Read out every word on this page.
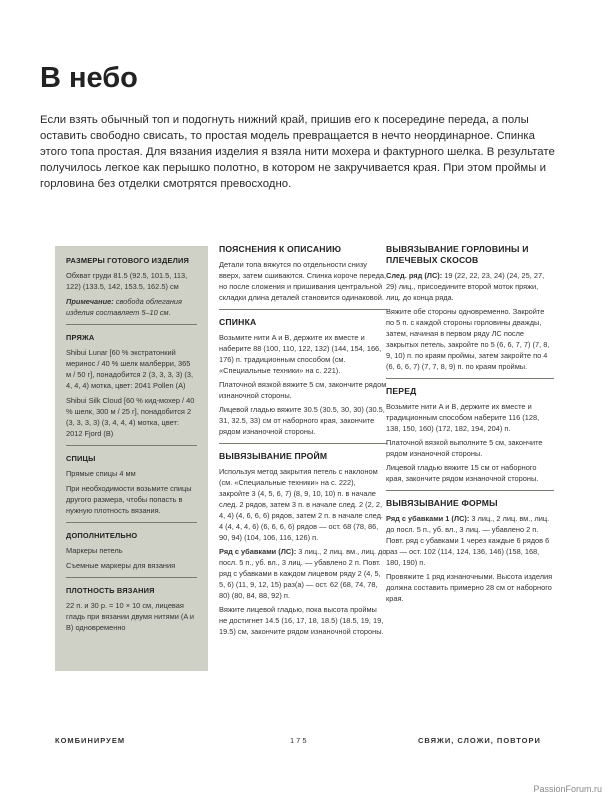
В небо

Если взять обычный топ и подогнуть нижний край, пришив его к посередине переда, а полы оставить свободно свисать, то простая модель превращается в нечто неординарное. Спинка этого топа простая. Для вязания изделия я взяла нити мохера и фактурного шелка. В результате получилось легкое как перышко полотно, в котором не закручивается края. При этом проймы и горловина без отделки смотрятся превосходно.

РАЗМЕРЫ ГОТОВОГО ИЗДЕЛИЯ

Обхват груди 81.5 (92.5, 101.5, 113, 122) (133.5, 142, 153.5, 162.5) см

Примечание: свобода облегания изделия составляет 5–10 см.

ПРЯЖА

Shibui Lunar [60 % экстратонкий меринос / 40 % шелк малберри, 365 м / 50 г], понадобится 2 (3, 3, 3, 3) (3, 4, 4, 4) мотка, цвет: 2041 Pollen (A)

Shibui Silk Cloud [60 % кид-мохер / 40 % шелк, 300 м / 25 г], понадобится 2 (3, 3, 3, 3) (3, 4, 4, 4) мотка, цвет: 2012 Fjord (B)

СПИЦЫ

Прямые спицы 4 мм

При необходимости возьмите спицы другого размера, чтобы попасть в нужную плотность вязания.

ДОПОЛНИТЕЛЬНО

Маркеры петель

Съемные маркеры для вязания

ПЛОТНОСТЬ ВЯЗАНИЯ

22 п. и 30 р. = 10 × 10 см, лицевая гладь при вязании двумя нитями (A и B) одновременно

ПОЯСНЕНИЯ К ОПИСАНИЮ

Детали топа вяжутся по отдельности снизу вверх, затем сшиваются. Спинка короче переда, но после сложения и пришивания центральной складки длина деталей становится одинаковой.

СПИНКА

Возьмите нити A и B, держите их вместе и наберите 88 (100, 110, 122, 132) (144, 154, 166, 176) п. традиционным способом (см. «Специальные техники» на с. 221).

Платочной вязкой вяжите 5 см, закончите рядом изнаночной стороны.

Лицевой гладью вяжите 30.5 (30.5, 30, 30) (30.5, 31, 32.5, 33) см от наборного края, закончите рядом изнаночной стороны.

ВЫВЯЗЫВАНИЕ ПРОЙМ

Используя метод закрытия петель с наклоном (см. «Специальные техники» на с. 222), закройте 3 (4, 5, 6, 7) (8, 9, 10, 10) п. в начале след. 2 рядов, затем 3 п. в начале след. 2 (2, 2, 4, 4) (4, 6, 6, 6) рядов, затем 2 п. в начале след. 4 (4, 4, 4, 6) (6, 6, 6, 6) рядов — ост. 68 (78, 86, 90, 94) (104, 106, 116, 126) п.

Ряд с убавками (ЛС): 3 лиц., 2 лиц. вм., лиц. до посл. 5 п., уб. вл., 3 лиц. — убавлено 2 п. Повт. ряд с убавками в каждом лицевом ряду 2 (4, 5, 5, 6) (11, 9, 12, 15) раз(а) — ост. 62 (68, 74, 78, 80) (80, 84, 88, 92) п.

Вяжите лицевой гладью, пока высота проймы не достигнет 14.5 (16, 17, 18, 18.5) (18.5, 19, 19, 19.5) см, закончите рядом изнаночной стороны.

ВЫВЯЗЫВАНИЕ ГОРЛОВИНЫ И ПЛЕЧЕВЫХ СКОСОВ

След. ряд (ЛС): 19 (22, 22, 23, 24) (24, 25, 27, 29) лиц., присоедините второй моток пряжи, лиц. до конца ряда.

Вяжите обе стороны одновременно. Закройте по 5 п. с каждой стороны горловины дважды, затем, начиная в первом ряду ЛС после закрытых петель, закройте по 5 (6, 6, 7, 7) (7, 8, 9, 10) п. по краям проймы, затем закройте по 4 (6, 6, 6, 7) (7, 7, 8, 9) п. по краям проймы.

ПЕРЕД

Возьмите нити A и B, держите их вместе и традиционным способом наберите 116 (128, 138, 150, 160) (172, 182, 194, 204) п.

Платочной вязкой выполните 5 см, закончите рядом изнаночной стороны.

Лицевой гладью вяжите 15 см от наборного края, закончите рядом изнаночной стороны.

ВЫВЯЗЫВАНИЕ ФОРМЫ

Ряд с убавками 1 (ЛС): 3 лиц., 2 лиц. вм., лиц. до посл. 5 п., уб. вл., 3 лиц. — убавлено 2 п. Повт. ряд с убавками 1 через каждые 6 рядов 6 раз — ост. 102 (114, 124, 136, 146) (158, 168, 180, 190) п.

Провяжите 1 ряд изнаночными. Высота изделия должна составить примерно 28 см от наборного края.

КОМБИНИРУЕМ	175	СВЯЖИ, СЛОЖИ, ПОВТОРИ
PassionForum.ru
